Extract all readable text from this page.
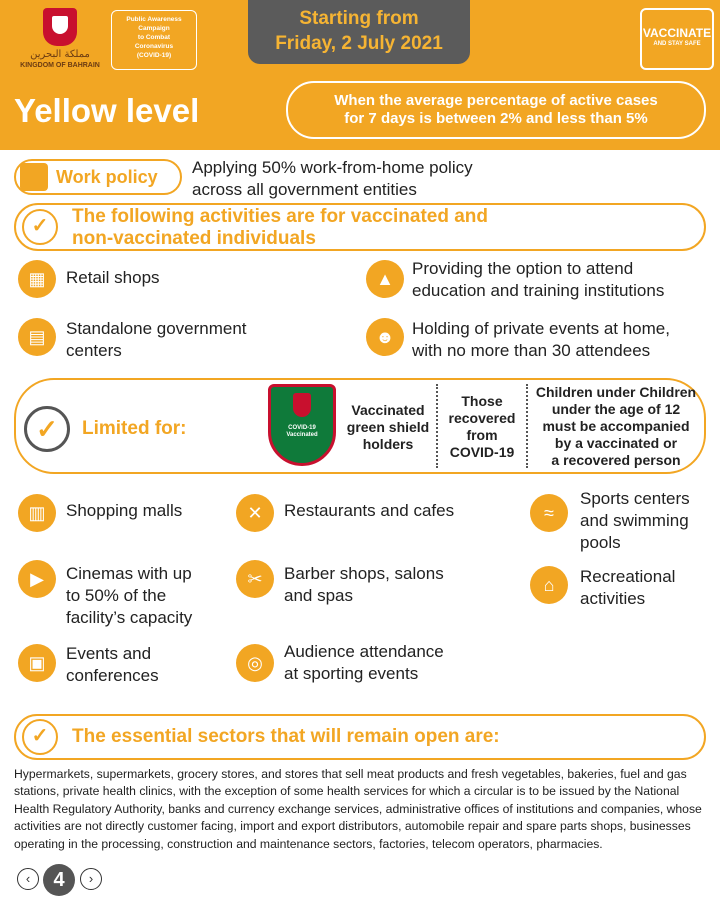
مملكة البحرين
KINGDOM OF BAHRAIN
Public Awareness
Campaign
to Combat
Coronavirus
(COVID-19)
Starting from
Friday, 2 July 2021	VACCINATE
AND STAY SAFE
Yellow level	When the average percentage of active cases
for 7 days is between 2% and less than 5%
Work policy Applying 50% work-from-home policy
across all government entities
✓	The following activities are for vaccinated and
non-vaccinated individuals
▦	Retail shops	▲
Providing the option to attend
education and training institutions
▤	Standalone government
centers
☻	Holding of private events at home,
with no more than 30 attendees
✓	Limited for:	COVID-19
Vaccinated
Vaccinated
green shield
holders
Those
recovered
from
COVID-19
Children under Children
under the age of 12
must be accompanied
by a vaccinated or
a recovered person
▥	Shopping malls	✕	Restaurants and cafes	≈
Sports centers
and swimming
pools
▶	Cinemas with up
to 50% of the
facility’s capacity
✂	Barber shops, salons
and spas
⌂	Recreational
activities
▣	Events and
conferences
◎
Audience attendance
at sporting events
✓	The essential sectors that will remain open are:
Hypermarkets, supermarkets, grocery stores, and stores that sell meat products and fresh vegetables, bakeries, fuel and gas stations, private health clinics, with the exception of some health services for which a circular is to be issued by the National Health Regulatory Authority, banks and currency exchange services, administrative offices of institutions and companies, whose activities are not directly customer facing, import and export distributors, automobile repair and spare parts shops, businesses operating in the processing, construction and maintenance sectors, factories, telecom operators, pharmacies.
‹	4	›
